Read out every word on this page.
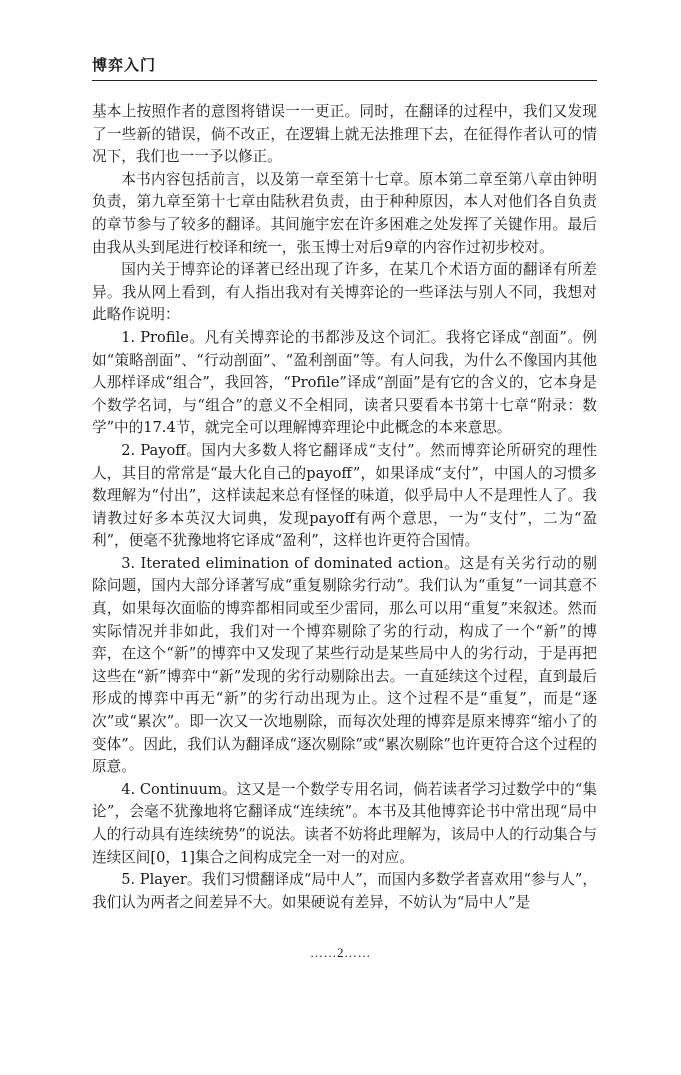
博弈入门

基本上按照作者的意图将错误一一更正。同时，在翻译的过程中，我们又发现了一些新的错误，倘不改正，在逻辑上就无法推理下去，在征得作者认可的情况下，我们也一一予以修正。

本书内容包括前言，以及第一章至第十七章。原本第二章至第八章由钟明负责，第九章至第十七章由陆秋君负责，由于种种原因，本人对他们各自负责的章节参与了较多的翻译。其间施宇宏在许多困难之处发挥了关键作用。最后由我从头到尾进行校译和统一，张玉博士对后9章的内容作过初步校对。

国内关于博弈论的译著已经出现了许多，在某几个术语方面的翻译有所差异。我从网上看到，有人指出我对有关博弈论的一些译法与别人不同，我想对此略作说明：

1. Profile。凡有关博弈论的书都涉及这个词汇。我将它译成“剖面”。例如“策略剖面”、“行动剖面”、“盈利剖面”等。有人问我，为什么不像国内其他人那样译成“组合”，我回答，“Profile”译成“剖面”是有它的含义的，它本身是个数学名词，与“组合”的意义不全相同，读者只要看本书第十七章“附录：数学”中的17.4节，就完全可以理解博弈理论中此概念的本来意思。

2. Payoff。国内大多数人将它翻译成“支付”。然而博弈论所研究的理性人，其目的常常是“最大化自己的payoff”，如果译成“支付”，中国人的习惯多数理解为“付出”，这样读起来总有怪怪的味道，似乎局中人不是理性人了。我请教过好多本英汉大词典，发现payoff有两个意思，一为“支付”，二为“盈利”，便毫不犹豫地将它译成“盈利”，这样也许更符合国情。

3. Iterated elimination of dominated action。这是有关劣行动的剔除问题，国内大部分译著写成“重复剔除劣行动”。我们认为“重复”一词其意不真，如果每次面临的博弈都相同或至少雷同，那么可以用“重复”来叙述。然而实际情况并非如此，我们对一个博弈剔除了劣的行动，构成了一个“新”的博弈，在这个“新”的博弈中又发现了某些行动是某些局中人的劣行动，于是再把这些在“新”博弈中“新”发现的劣行动剔除出去。一直延续这个过程，直到最后形成的博弈中再无“新”的劣行动出现为止。这个过程不是“重复”，而是“逐次”或“累次”。即一次又一次地剔除，而每次处理的博弈是原来博弈“缩小了的变体”。因此，我们认为翻译成“逐次剔除”或“累次剔除”也许更符合这个过程的原意。

4. Continuum。这又是一个数学专用名词，倘若读者学习过数学中的“集论”，会毫不犹豫地将它翻译成“连续统”。本书及其他博弈论书中常出现“局中人的行动具有连续统势”的说法。读者不妨将此理解为，该局中人的行动集合与连续区间[0，1]集合之间构成完全一对一的对应。

5. Player。我们习惯翻译成“局中人”，而国内多数学者喜欢用“参与人”，我们认为两者之间差异不大。如果硬说有差异，不妨认为“局中人”是

……2……
